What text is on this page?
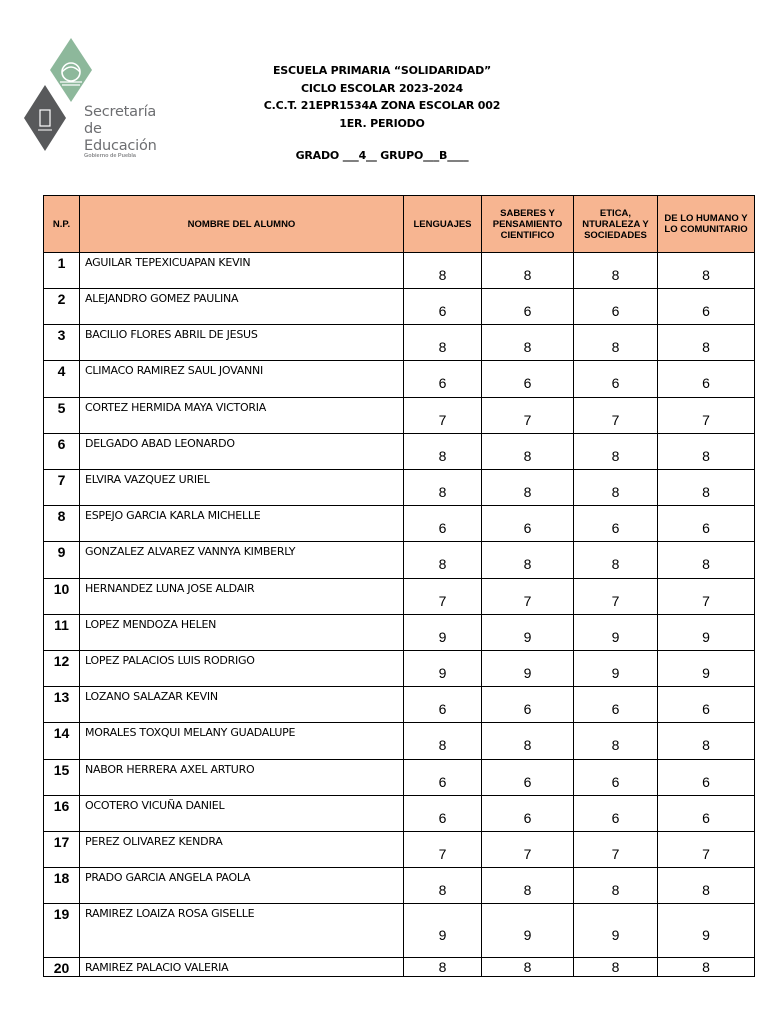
Secretaría
de Educación
Gobierno de Puebla
ESCUELA PRIMARIA “SOLIDARIDAD”
CICLO ESCOLAR 2023-2024
C.C.T. 21EPR1534A ZONA ESCOLAR 002
1ER. PERIODO
GRADO ___4__ GRUPO___B____
N.P.	NOMBRE DEL ALUMNO	LENGUAJES	SABERES Y PENSAMIENTO CIENTIFICO	ETICA, NTURALEZA Y SOCIEDADES	DE LO HUMANO Y LO COMUNITARIO
1	AGUILAR TEPEXICUAPAN KEVIN	8	8	8	8
2	ALEJANDRO GOMEZ PAULINA	6	6	6	6
3	BACILIO FLORES ABRIL DE JESUS	8	8	8	8
4	CLIMACO RAMIREZ SAUL JOVANNI	6	6	6	6
5	CORTEZ HERMIDA MAYA VICTORIA	7	7	7	7
6	DELGADO ABAD LEONARDO	8	8	8	8
7	ELVIRA VAZQUEZ URIEL	8	8	8	8
8	ESPEJO GARCIA KARLA MICHELLE	6	6	6	6
9	GONZALEZ ALVAREZ VANNYA KIMBERLY	8	8	8	8
10	HERNANDEZ LUNA JOSE ALDAIR	7	7	7	7
11	LOPEZ MENDOZA HELEN	9	9	9	9
12	LOPEZ PALACIOS LUIS RODRIGO	9	9	9	9
13	LOZANO SALAZAR KEVIN	6	6	6	6
14	MORALES TOXQUI MELANY GUADALUPE	8	8	8	8
15	NABOR HERRERA AXEL ARTURO	6	6	6	6
16	OCOTERO VICUÑA DANIEL	6	6	6	6
17	PEREZ OLIVAREZ KENDRA	7	7	7	7
18	PRADO GARCIA ANGELA PAOLA	8	8	8	8
19	RAMIREZ LOAIZA ROSA GISELLE	9	9	9	9
20	RAMIREZ PALACIO VALERIA	8	8	8	8
